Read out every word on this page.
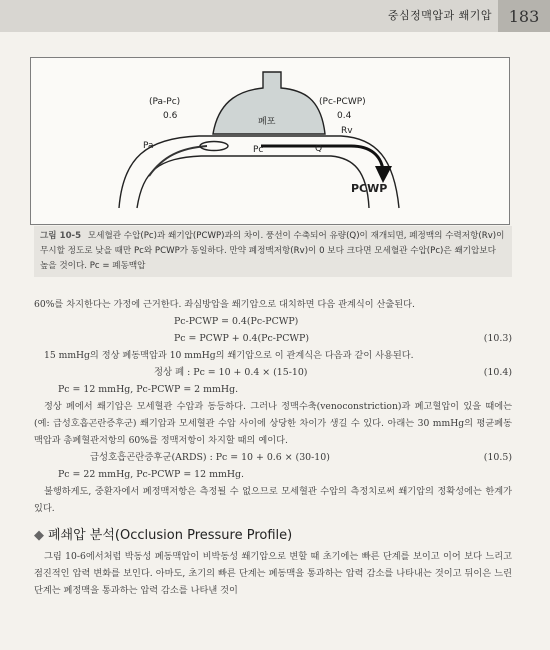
중심정맥압과 쐐기압	183
(Pa-Pc)
0.6
(Pc-PCWP)
0.4
Rv
폐포
Pa	Pc	Q
PCWP
그림 10-5 모세혈관 수압(Pc)과 쐐기압(PCWP)과의 차이. 풍선이 수축되어 유량(Q)이 재개되면, 폐정맥의 수력저항(Rv)이 무시할 정도로 낮을 때만 Pc와 PCWP가 동일하다. 만약 폐정맥저항(Rv)이 0 보다 크다면 모세혈관 수압(Pc)은 쐐기압보다 높을 것이다. Pc = 폐동맥압

60%를 차지한다는 가정에 근거한다. 좌심방압을 쐐기압으로 대치하면 다음 관계식이 산출된다.

Pc-PCWP = 0.4(Pc-PCWP)
Pc = PCWP + 0.4(Pc-PCWP)	(10.3)

15 mmHg의 정상 폐동맥압과 10 mmHg의 쐐기압으로 이 관계식은 다음과 같이 사용된다.

정상 폐 : Pc = 10 + 0.4 × (15-10)	(10.4)
Pc = 12 mmHg, Pc-PCWP = 2 mmHg.

정상 폐에서 쐐기압은 모세혈관 수압과 동등하다. 그러나 정맥수축(venoconstriction)과 폐고혈압이 있을 때에는(예: 급성호흡곤란증후군) 쐐기압과 모세혈관 수압 사이에 상당한 차이가 생길 수 있다. 아래는 30 mmHg의 평균폐동맥압과 총폐혈관저항의 60%를 정맥저항이 차지할 때의 예이다.

급성호흡곤란증후군(ARDS) : Pc = 10 + 0.6 × (30-10)	(10.5)
Pc = 22 mmHg, Pc-PCWP = 12 mmHg.

불행하게도, 중환자에서 폐정맥저항은 측정될 수 없으므로 모세혈관 수압의 측정치로써 쐐기압의 정확성에는 한계가 있다.

◆ 폐쇄압 분석(Occlusion Pressure Profile)

그림 10-6에서처럼 박동성 폐동맥압이 비박동성 쐐기압으로 변할 때 초기에는 빠른 단계를 보이고 이어 보다 느리고 점진적인 압력 변화를 보인다. 아마도, 초기의 빠른 단계는 폐동맥을 통과하는 압력 감소를 나타내는 것이고 뒤이은 느린 단계는 폐정맥을 통과하는 압력 감소를 나타낸 것이
